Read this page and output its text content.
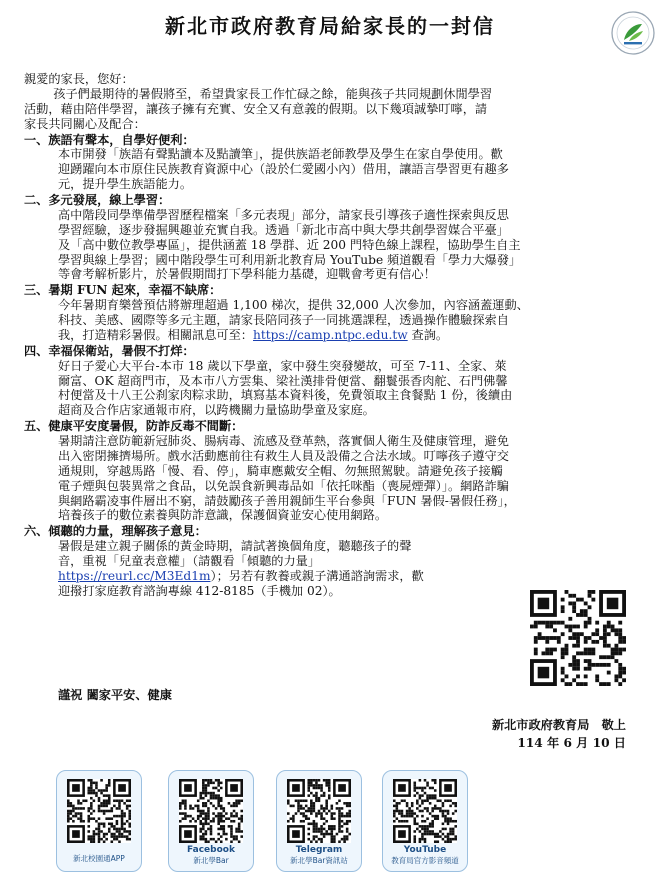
新北市政府教育局給家長的一封信

親愛的家長，您好：

孩子們最期待的暑假將至，希望貴家長工作忙碌之餘，能與孩子共同規劃休閒學習

活動，藉由陪伴學習，讓孩子擁有充實、安全又有意義的假期。以下幾項誠摯叮嚀，請

家長共同關心及配合：

一、族語有聲本，自學好便利：

本市開發「族語有聲點讀本及點讀筆」，提供族語老師教學及學生在家自學使用。歡
迎踴躍向本市原住民族教育資源中心（設於仁愛國小內）借用，讓語言學習更有趣多
元，提升學生族語能力。

二、多元發展，線上學習：

高中階段同學準備學習歷程檔案「多元表現」部分，請家長引導孩子適性探索與反思
學習經驗，逐步發掘興趣並充實自我。透過「新北市高中與大學共創學習媒合平臺」
及「高中數位教學專區」，提供涵蓋 18 學群、近 200 門特色線上課程，協助學生自主
學習與線上學習；國中階段學生可利用新北教育局 YouTube 頻道觀看「學力大爆發」
等會考解析影片，於暑假期間打下學科能力基礎，迎戰會考更有信心！

三、暑期 FUN 起來，幸福不缺席：

今年暑期育樂營預估將辦理超過 1,100 梯次，提供 32,000 人次參加，內容涵蓋運動、
科技、美感、國際等多元主題，請家長陪同孩子一同挑選課程，透過操作體驗探索自
我，打造精彩暑假。相關訊息可至：https://camp.ntpc.edu.tw 查詢。

四、幸福保衛站，暑假不打烊：

好日子愛心大平台-本市 18 歲以下學童，家中發生突發變故，可至 7-11、全家、萊
爾富、OK 超商門市，及本市八方雲集、梁社漢排骨便當、翻鬟張香肉舵、石門佛馨
村便當及十八王公刹家肉粽求助，填寫基本資料後，免費領取主食餐點 1 份，後續由
超商及合作店家通報市府，以跨機關力量協助學童及家庭。

五、健康平安度暑假，防詐反毒不間斷：

暑期請注意防範新冠肺炎、腸病毒、流感及登革熱，落實個人衛生及健康管理，避免
出入密閉擁擠場所。戲水活動應前往有救生人員及設備之合法水域。叮嚀孩子遵守交
通規則，穿越馬路「慢、看、停」，騎車應戴安全帽、勿無照駕駛。請避免孩子接觸
電子煙與包裝異常之食品，以免誤食新興毒品如「依托咪酯（喪屍煙彈）」。網路詐騙
與網路霸凌事件層出不窮，請鼓勵孩子善用親師生平台參與「FUN 暑假-暑假任務」，
培養孩子的數位素養與防詐意識，保護個資並安心使用網路。

六、傾聽的力量，理解孩子意見：

暑假是建立親子關係的黃金時期，請試著換個角度，聽聽孩子的聲
音，重視「兒童表意權」（請觀看「傾聽的力量」
https://reurl.cc/M3Ed1m）；另若有教養或親子溝通諮詢需求，歡
迎撥打家庭教育諮詢專線 412-8185（手機加 02）。
謹祝 闔家平安、健康
新北市政府教育局　敬上
114 年 6 月 10 日
新北校園通APP
Facebook
新北學Bar
Telegram
新北學Bar資訊站
YouTube
教育局官方影音頻道
